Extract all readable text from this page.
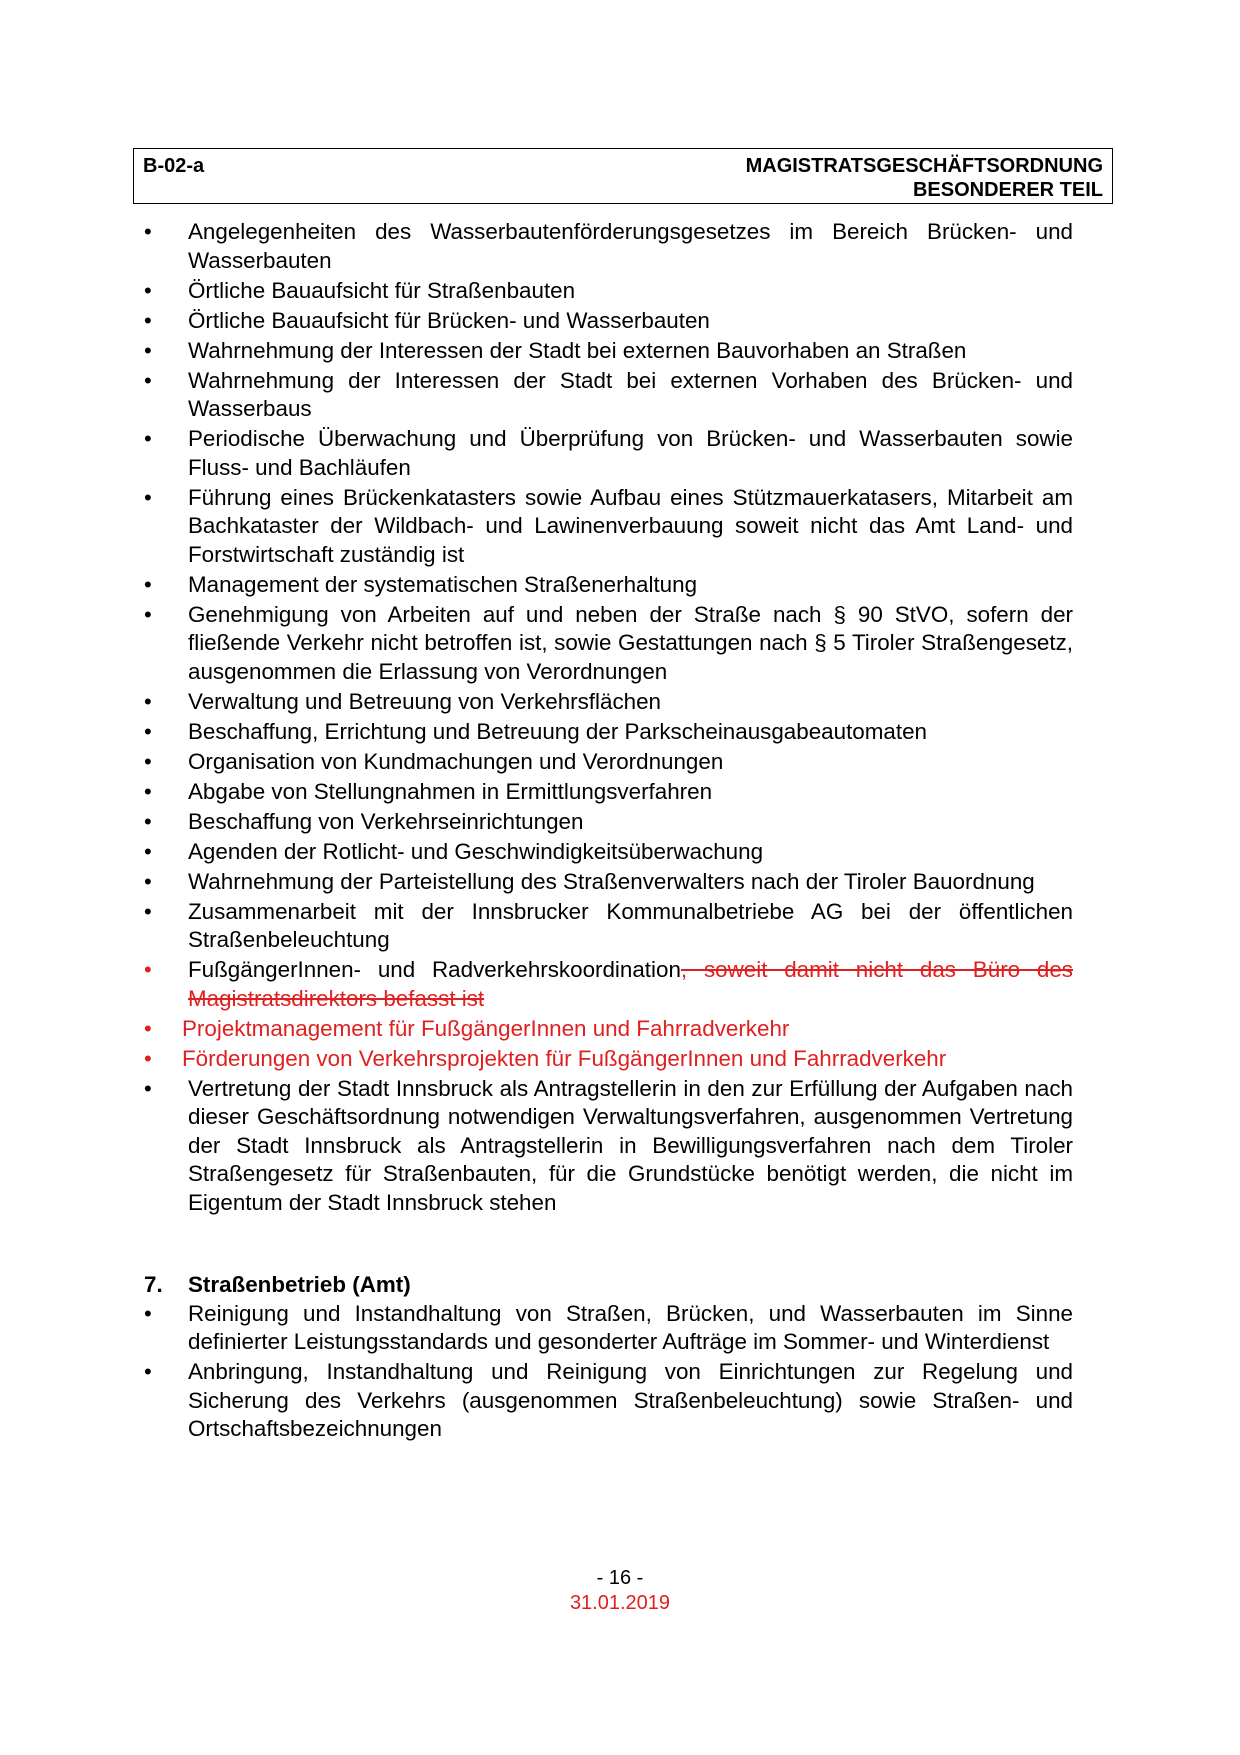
B-02-a	MAGISTRATSGESCHÄFTSORDNUNG
BESONDERER TEIL
• Angelegenheiten des Wasserbautenförderungsgesetzes im Bereich Brücken- und Wasserbauten
• Örtliche Bauaufsicht für Straßenbauten
• Örtliche Bauaufsicht für Brücken- und Wasserbauten
• Wahrnehmung der Interessen der Stadt bei externen Bauvorhaben an Straßen
• Wahrnehmung der Interessen der Stadt bei externen Vorhaben des Brücken- und Wasserbaus
• Periodische Überwachung und Überprüfung von Brücken- und Wasserbauten sowie Fluss- und Bachläufen
• Führung eines Brückenkatasters sowie Aufbau eines Stützmauerkatasers, Mitarbeit am Bachkataster der Wildbach- und Lawinenverbauung soweit nicht das Amt Land- und Forstwirtschaft zuständig ist
• Management der systematischen Straßenerhaltung
• Genehmigung von Arbeiten auf und neben der Straße nach § 90 StVO, sofern der fließende Verkehr nicht betroffen ist, sowie Gestattungen nach § 5 Tiroler Straßengesetz, ausgenommen die Erlassung von Verordnungen
• Verwaltung und Betreuung von Verkehrsflächen
• Beschaffung, Errichtung und Betreuung der Parkscheinausgabeautomaten
• Organisation von Kundmachungen und Verordnungen
• Abgabe von Stellungnahmen in Ermittlungsverfahren
• Beschaffung von Verkehrseinrichtungen
• Agenden der Rotlicht- und Geschwindigkeitsüberwachung
• Wahrnehmung der Parteistellung des Straßenverwalters nach der Tiroler Bauordnung
• Zusammenarbeit mit der Innsbrucker Kommunalbetriebe AG bei der öffentlichen Straßenbeleuchtung
• FußgängerInnen- und Radverkehrskoordination, soweit damit nicht das Büro des Magistratsdirektors befasst ist
• Projektmanagement für FußgängerInnen und Fahrradverkehr
• Förderungen von Verkehrsprojekten für FußgängerInnen und Fahrradverkehr
• Vertretung der Stadt Innsbruck als Antragstellerin in den zur Erfüllung der Aufgaben nach dieser Geschäftsordnung notwendigen Verwaltungsverfahren, ausgenommen Vertretung der Stadt Innsbruck als Antragstellerin in Bewilligungsverfahren nach dem Tiroler Straßengesetz für Straßenbauten, für die Grundstücke benötigt werden, die nicht im Eigentum der Stadt Innsbruck stehen
7. Straßenbetrieb (Amt)
• Reinigung und Instandhaltung von Straßen, Brücken, und Wasserbauten im Sinne definierter Leistungsstandards und gesonderter Aufträge im Sommer- und Winterdienst
• Anbringung, Instandhaltung und Reinigung von Einrichtungen zur Regelung und Sicherung des Verkehrs (ausgenommen Straßenbeleuchtung) sowie Straßen- und Ortschaftsbezeichnungen
- 16 -
31.01.2019
